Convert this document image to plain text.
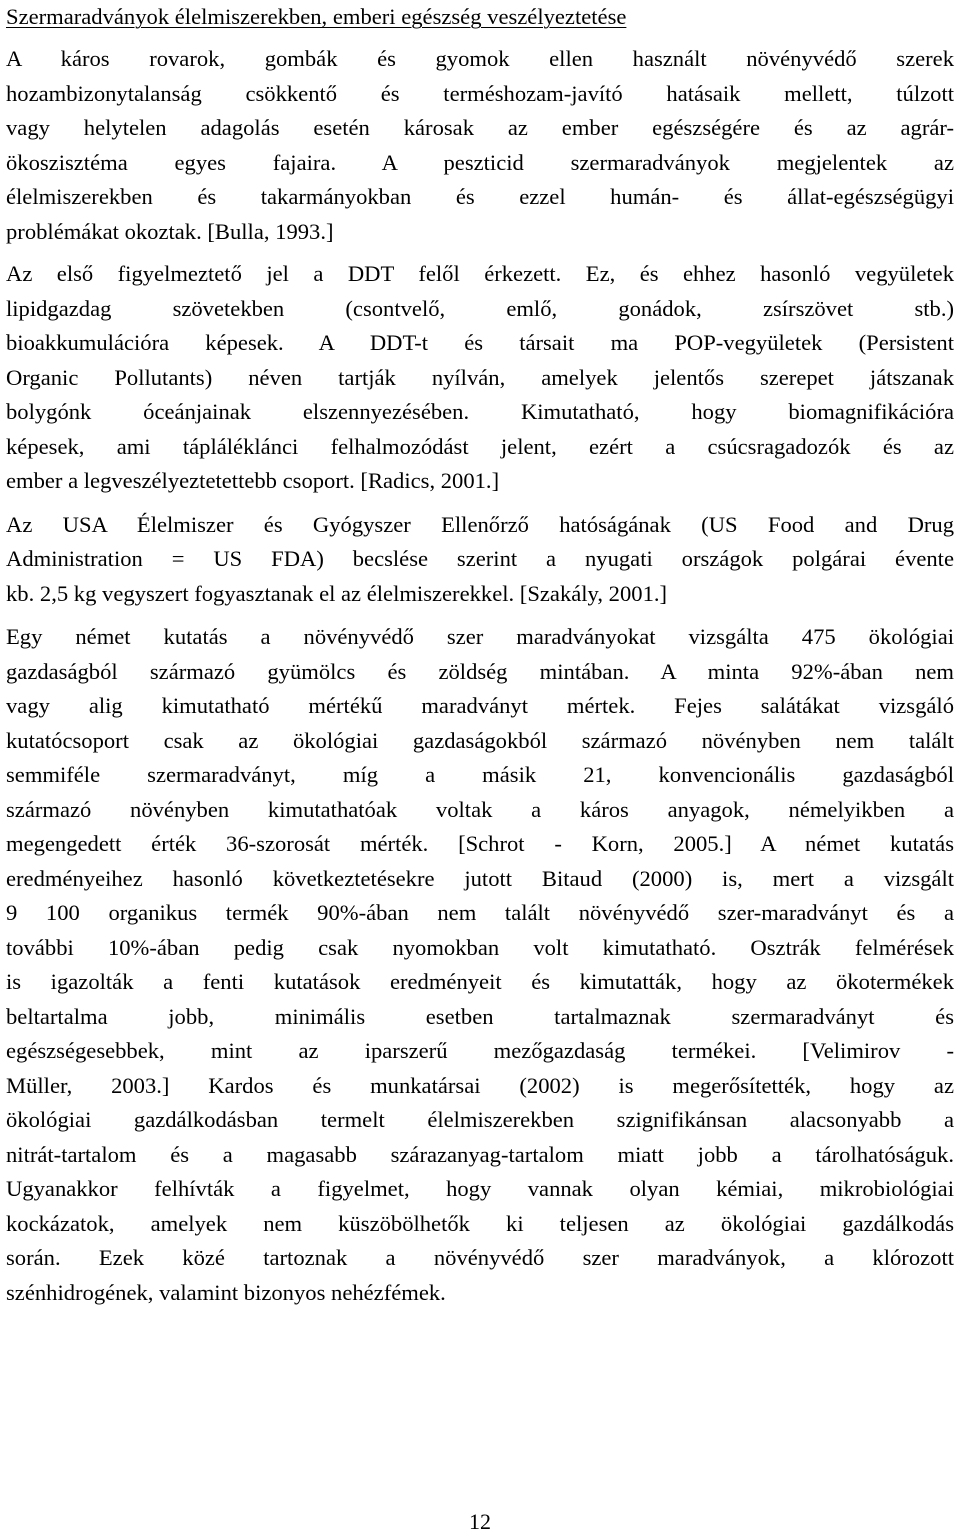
Szermaradványok élelmiszerekben, emberi egészség veszélyeztetése

A káros rovarok, gombák és gyomok ellen használt növényvédő szerek
hozambizonytalanság csökkentő és terméshozam-javító hatásaik mellett, túlzott
vagy helytelen adagolás esetén károsak az ember egészségére és az agrár-
ökoszisztéma egyes fajaira. A peszticid szermaradványok megjelentek az
élelmiszerekben és takarmányokban és ezzel humán- és állat-egészségügyi
problémákat okoztak. [Bulla, 1993.]

Az első figyelmeztető jel a DDT felől érkezett. Ez, és ehhez hasonló vegyületek
lipidgazdag szövetekben (csontvelő, emlő, gonádok, zsírszövet stb.)
bioakkumulációra képesek. A DDT-t és társait ma POP-vegyületek (Persistent
Organic Pollutants) néven tartják nyílván, amelyek jelentős szerepet játszanak
bolygónk óceánjainak elszennyezésében. Kimutatható, hogy biomagnifikációra
képesek, ami tápláléklánci felhalmozódást jelent, ezért a csúcsragadozók és az
ember a legveszélyeztetettebb csoport. [Radics, 2001.]

Az USA Élelmiszer és Gyógyszer Ellenőrző hatóságának (US Food and Drug
Administration = US FDA) becslése szerint a nyugati országok polgárai évente
kb. 2,5 kg vegyszert fogyasztanak el az élelmiszerekkel. [Szakály, 2001.]

Egy német kutatás a növényvédő szer maradványokat vizsgálta 475 ökológiai
gazdaságból származó gyümölcs és zöldség mintában. A minta 92%-ában nem
vagy alig kimutatható mértékű maradványt mértek. Fejes salátákat vizsgáló
kutatócsoport csak az ökológiai gazdaságokból származó növényben nem talált
semmiféle szermaradványt, míg a másik 21, konvencionális gazdaságból
származó növényben kimutathatóak voltak a káros anyagok, némelyikben a
megengedett érték 36-szorosát mérték. [Schrot - Korn, 2005.] A német kutatás
eredményeihez hasonló következtetésekre jutott Bitaud (2000) is, mert a vizsgált
9 100 organikus termék 90%-ában nem talált növényvédő szer-maradványt és a
további 10%-ában pedig csak nyomokban volt kimutatható. Osztrák felmérések
is igazolták a fenti kutatások eredményeit és kimutatták, hogy az ökotermékek
beltartalma jobb, minimális esetben tartalmaznak szermaradványt és
egészségesebbek, mint az iparszerű mezőgazdaság termékei. [Velimirov -
Müller, 2003.] Kardos és munkatársai (2002) is megerősítették, hogy az
ökológiai gazdálkodásban termelt élelmiszerekben szignifikánsan alacsonyabb a
nitrát-tartalom és a magasabb szárazanyag-tartalom miatt jobb a tárolhatóságuk.
Ugyanakkor felhívták a figyelmet, hogy vannak olyan kémiai, mikrobiológiai
kockázatok, amelyek nem küszöbölhetők ki teljesen az ökológiai gazdálkodás
során. Ezek közé tartoznak a növényvédő szer maradványok, a klórozott
szénhidrogének, valamint bizonyos nehézfémek.

12
